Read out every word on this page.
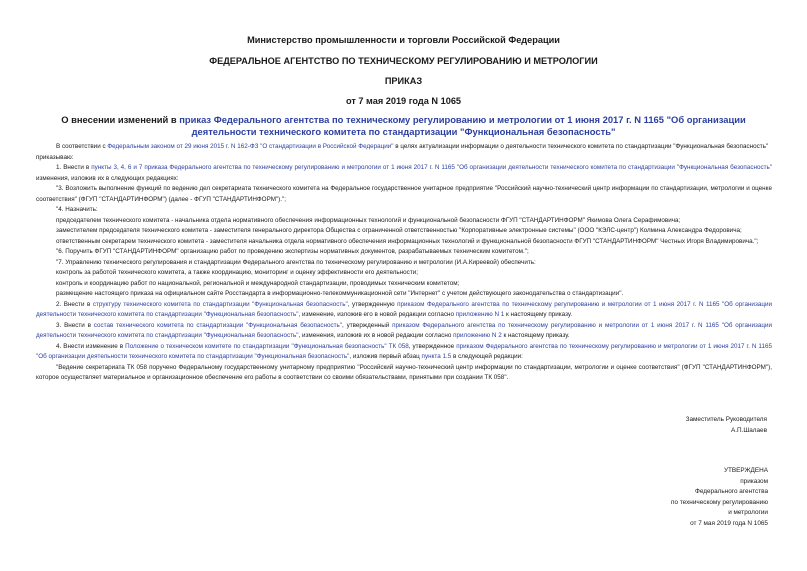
Министерство промышленности и торговли Российской Федерации
ФЕДЕРАЛЬНОЕ АГЕНТСТВО ПО ТЕХНИЧЕСКОМУ РЕГУЛИРОВАНИЮ И МЕТРОЛОГИИ
ПРИКАЗ
от 7 мая 2019 года N 1065
О внесении изменений в приказ Федерального агентства по техническому регулированию и метрологии от 1 июня 2017 г. N 1165 "Об организации деятельности технического комитета по стандартизации "Функциональная безопасность"

В соответствии с Федеральным законом от 29 июня 2015 г. N 162-ФЗ "О стандартизации в Российской Федерации" в целях актуализации информации о деятельности технического комитета по стандартизации "Функциональная безопасность"

приказываю:

1. Внести в пункты 3, 4, 6 и 7 приказа Федерального агентства по техническому регулированию и метрологии от 1 июня 2017 г. N 1165 "Об организации деятельности технического комитета по стандартизации "Функциональная безопасность" изменения, изложив их в следующих редакциях:

"3. Возложить выполнение функций по ведению дел секретариата технического комитета на Федеральное государственное унитарное предприятие "Российский научно-технический центр информации по стандартизации, метрологии и оценке соответствия" (ФГУП "СТАНДАРТИНФОРМ") (далее - ФГУП "СТАНДАРТИНФОРМ").";

"4. Назначить:

председателем технического комитета - начальника отдела нормативного обеспечения информационных технологий и функциональной безопасности ФГУП "СТАНДАРТИНФОРМ" Якимова Олега Серафимовича;

заместителем председателя технического комитета - заместителя генерального директора Общества с ограниченной ответственностью "Корпоративные электронные системы" (ООО "КЭЛС-центр") Колмина Александра Федоровича;

ответственным секретарем технического комитета - заместителя начальника отдела нормативного обеспечения информационных технологий и функциональной безопасности ФГУП "СТАНДАРТИНФОРМ" Честных Игоря Владимировича.";

"6. Поручить ФГУП "СТАНДАРТИНФОРМ" организацию работ по проведению экспертизы нормативных документов, разрабатываемых техническим комитетом.";

"7. Управлению технического регулирования и стандартизации Федерального агентства по техническому регулированию и метрологии (И.А.Киреевой) обеспечить:

контроль за работой технического комитета, а также координацию, мониторинг и оценку эффективности его деятельности;

контроль и координацию работ по национальной, региональной и международной стандартизации, проводимых техническим комитетом;

размещение настоящего приказа на официальном сайте Росстандарта в информационно-телекоммуникационной сети "Интернет" с учетом действующего законодательства о стандартизации".

2. Внести в структуру технического комитета по стандартизации "Функциональная безопасность", утвержденную приказом Федерального агентства по техническому регулированию и метрологии от 1 июня 2017 г. N 1165 "Об организации деятельности технического комитета по стандартизации "Функциональная безопасность", изменение, изложив его в новой редакции согласно приложению N 1 к настоящему приказу.

3. Внести в состав технического комитета по стандартизации "Функциональная безопасность", утвержденный приказом Федерального агентства по техническому регулированию и метрологии от 1 июня 2017 г. N 1165 "Об организации деятельности технического комитета по стандартизации "Функциональная безопасность", изменения, изложив их в новой редакции согласно приложению N 2 к настоящему приказу.

4. Внести изменение в Положение о техническом комитете по стандартизации "Функциональная безопасность" ТК 058, утвержденное приказом Федерального агентства по техническому регулированию и метрологии от 1 июня 2017 г. N 1165 "Об организации деятельности технического комитета по стандартизации "Функциональная безопасность", изложив первый абзац пункта 1.5 в следующей редакции:

"Ведение секретариата ТК 058 поручено Федеральному государственному унитарному предприятию "Российский научно-технический центр информации по стандартизации, метрологии и оценке соответствия" (ФГУП "СТАНДАРТИНФОРМ"), которое осуществляет материальное и организационное обеспечение его работы в соответствии со своими обязательствами, принятыми при создании ТК 058".

Заместитель Руководителя
А.П.Шалаев
УТВЕРЖДЕНА
приказом
Федерального агентства
по техническому регулированию
и метрологии
от 7 мая 2019 года N 1065
